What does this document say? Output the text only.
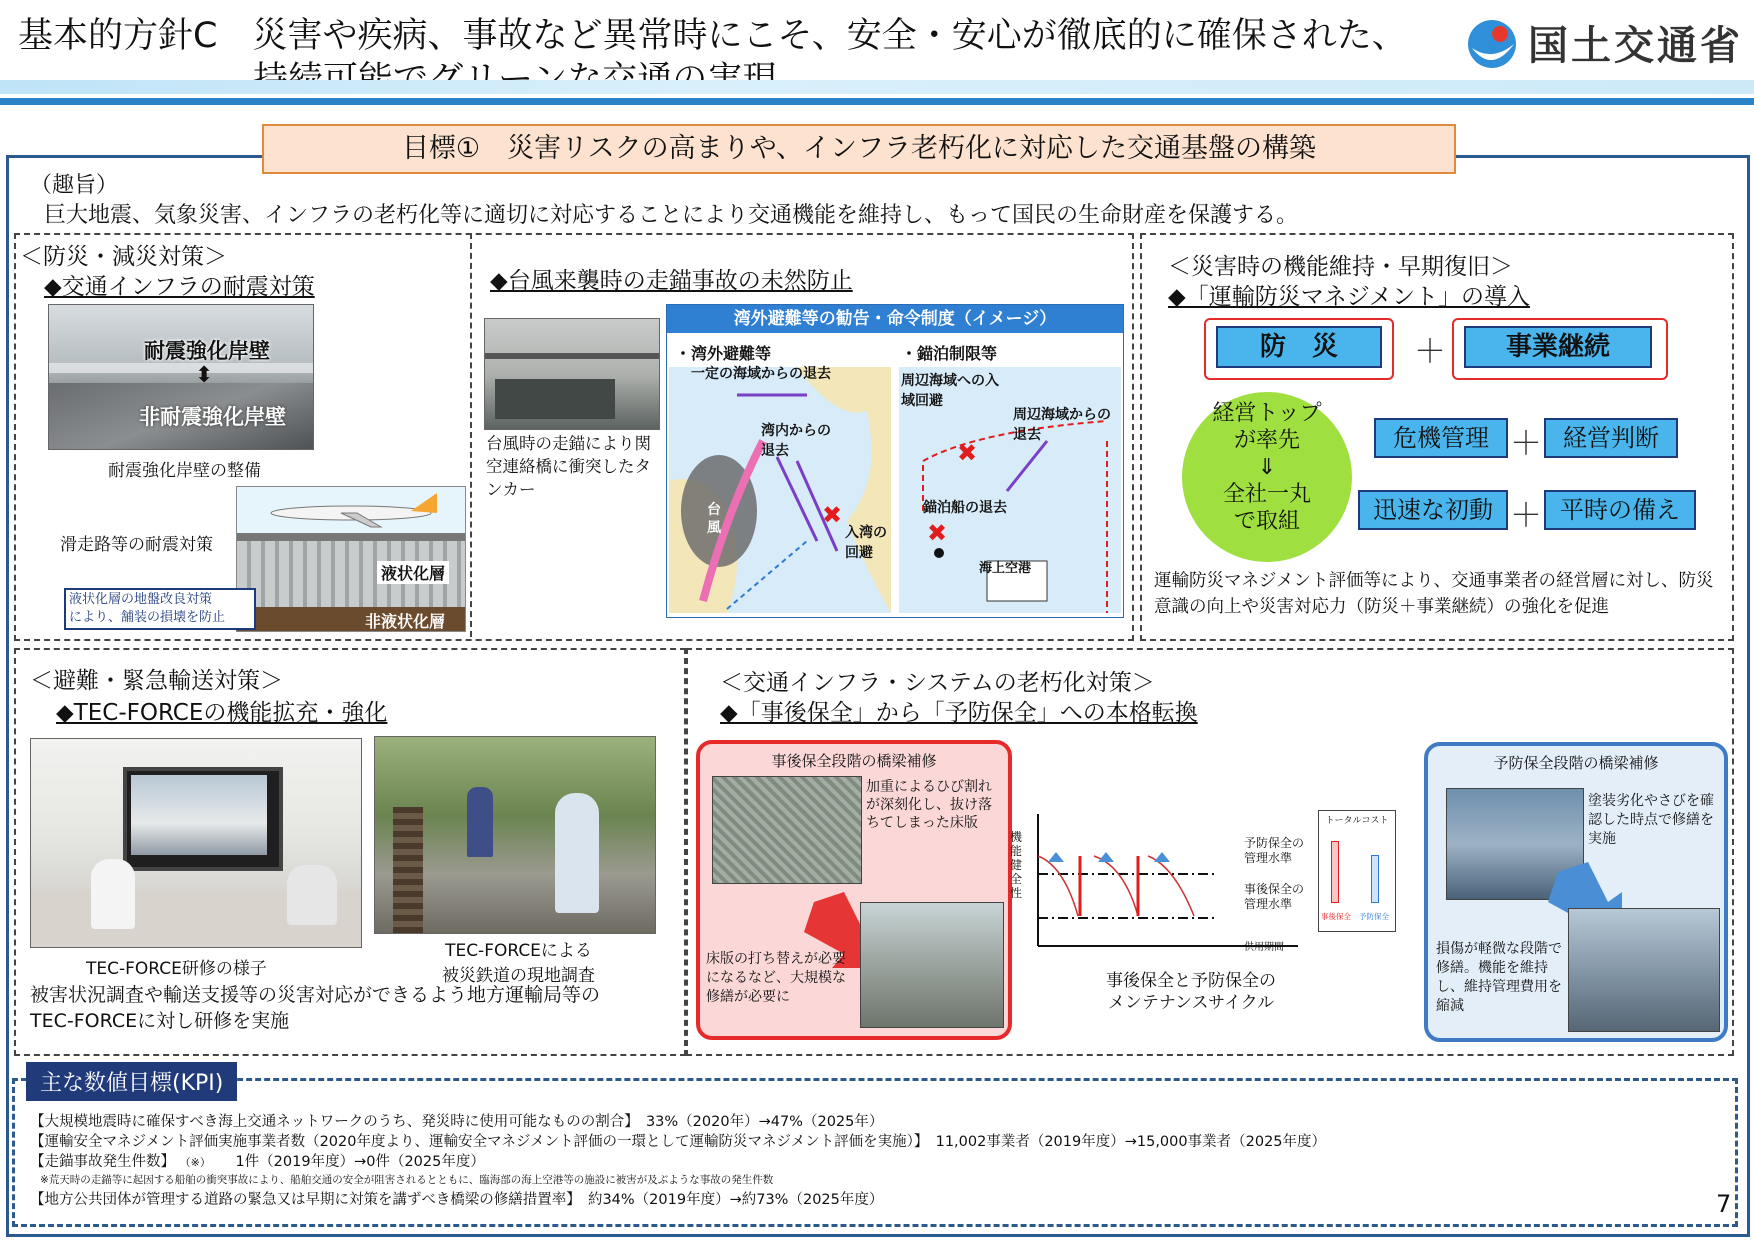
基本的方針C　災害や疾病、事故など異常時にこそ、安全・安心が徹底的に確保された、	国土交通省
目標①　災害リスクの高まりや、インフラ老朽化に対応した交通基盤の構築
（趣旨）
巨大地震、気象災害、インフラの老朽化等に適切に対応することにより交通機能を維持し、もって国民の生命財産を保護する。
＜防災・減災対策＞
◆交通インフラの耐震対策
耐震強化岸壁
⬍
非耐震強化岸壁
耐震強化岸壁の整備
液状化層
非液状化層
滑走路等の耐震対策
液状化層の地盤改良対策
により、舗装の損壊を防止
◆台風来襲時の走錨事故の未然防止
台風時の走錨により関空連絡橋に衝突したタンカー
湾外避難等の勧告・命令制度（イメージ）
・湾外避難等	・錨泊制限等
✖
✖
✖
一定の海域からの退去
湾内からの退去
入湾の回避
台風
周辺海域への入域回避
周辺海域からの退去
錨泊船の退去
海上空港
＜災害時の機能維持・早期復旧＞
◆「運輸防災マネジメント」の導入
防　災	＋	事業継続
経営トップ
が率先
⇓
全社一丸
で取組
危機管理 ＋ 経営判断
迅速な初動 ＋ 平時の備え
運輸防災マネジメント評価等により、交通事業者の経営層に対し、防災意識の向上や災害対応力（防災＋事業継続）の強化を促進
＜避難・緊急輸送対策＞
◆TEC-FORCEの機能拡充・強化
TEC-FORCE研修の様子
TEC-FORCEによる
被災鉄道の現地調査
被害状況調査や輸送支援等の災害対応ができるよう地方運輸局等の
TEC-FORCEに対し研修を実施
＜交通インフラ・システムの老朽化対策＞
◆「事後保全」から「予防保全」への本格転換
事後保全段階の橋梁補修
加重によるひび割れが深刻化し、抜け落ちてしまった床版
床版の打ち替えが必要になるなど、大規模な修繕が必要に
機能健全性
供用期間
予防保全の管理水準
事後保全の管理水準
トータルコスト
事後保全 予防保全
事後保全と予防保全の
メンテナンスサイクル
予防保全段階の橋梁補修
塗装劣化やさびを確認した時点で修繕を実施
損傷が軽微な段階で修繕。機能を維持し、維持管理費用を縮減
主な数値目標(KPI)
【大規模地震時に確保すべき海上交通ネットワークのうち、発災時に使用可能なものの割合】　33%（2020年）→47%（2025年）
【運輸安全マネジメント評価実施事業者数（2020年度より、運輸安全マネジメント評価の一環として運輸防災マネジメント評価を実施）】　11,002事業者（2019年度）→15,000事業者（2025年度）
【走錨事故発生件数】 （※） 1件（2019年度）→0件（2025年度）
※荒天時の走錨等に起因する船舶の衝突事故により、船舶交通の安全が阻害されるとともに、臨海部の海上空港等の施設に被害が及ぶような事故の発生件数
【地方公共団体が管理する道路の緊急又は早期に対策を講ずべき橋梁の修繕措置率】　約34%（2019年度）→約73%（2025年度）	7
